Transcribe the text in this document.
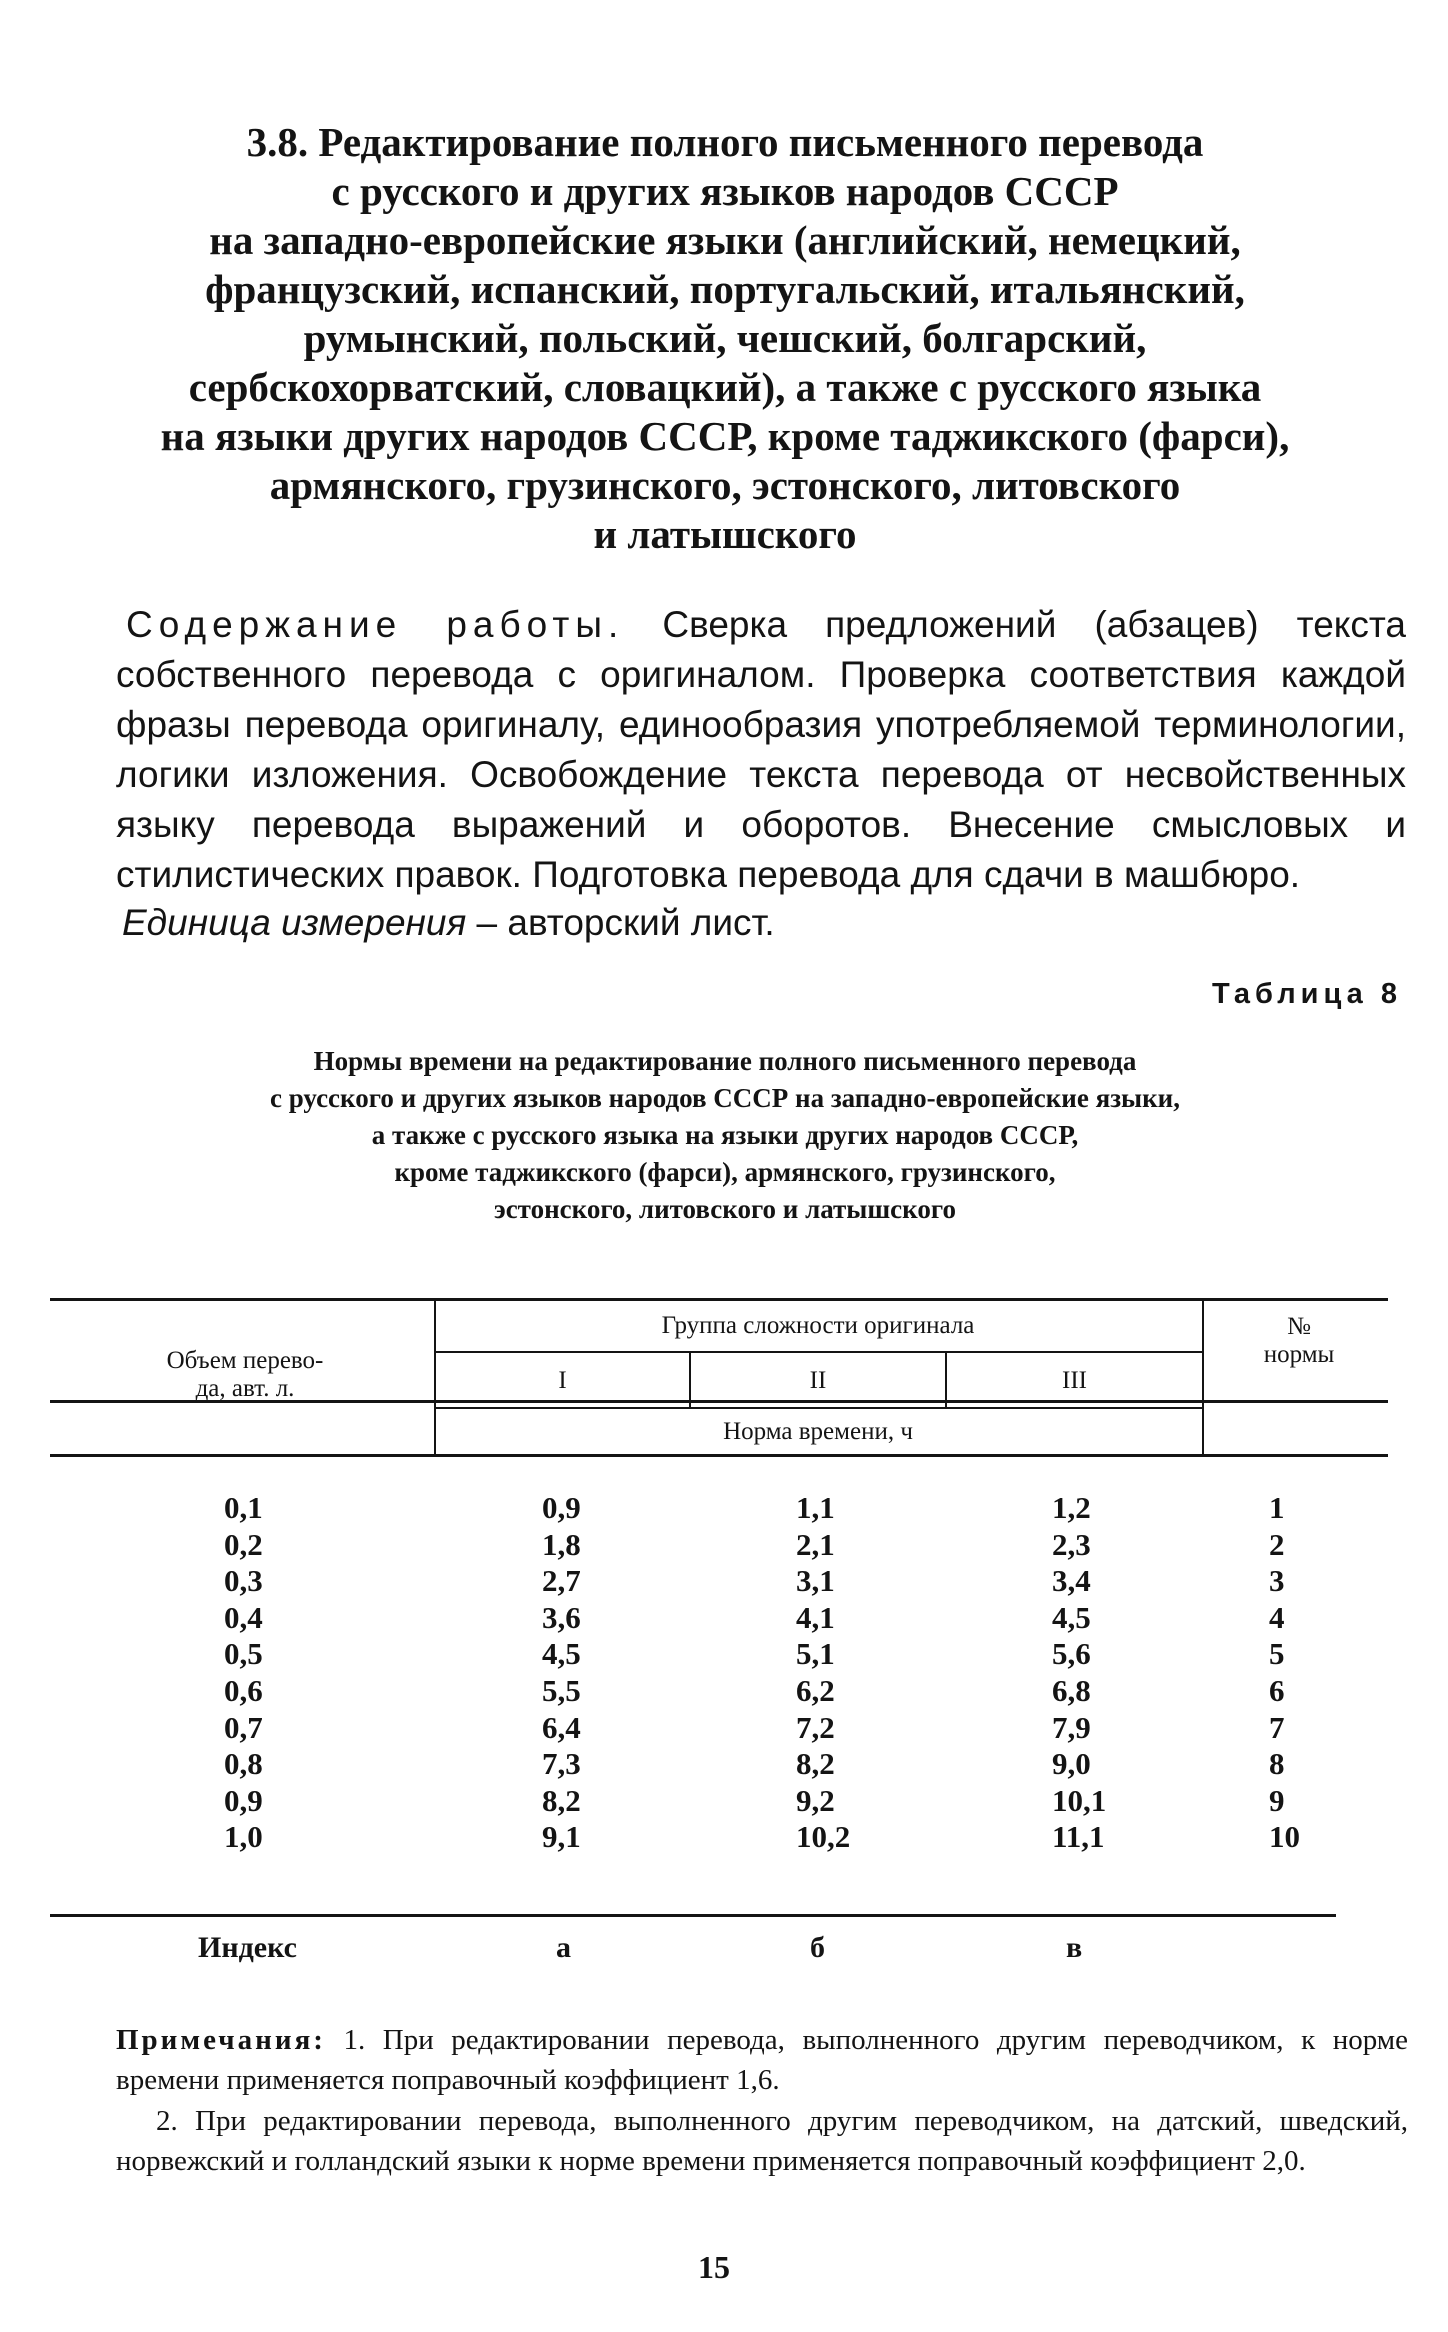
3.8. Редактирование полного письменного перевода
с русского и других языков народов СССР
на западно-европейские языки (английский, немецкий,
французский, испанский, португальский, итальянский,
румынский, польский, чешский, болгарский,
сербскохорватский, словацкий), а также с русского языка
на языки других народов СССР, кроме таджикского (фарси),
армянского, грузинского, эстонского, литовского
и латышского
Содержание работы. Сверка предложений (абзацев) текста собственного перевода с оригиналом. Проверка соответствия каждой фразы перевода оригиналу, единообразия употребляемой терминологии, логики изложения. Освобождение текста перевода от несвойственных языку перевода выражений и оборотов. Внесение смысловых и стилистических правок. Подготовка перевода для сдачи в машбюро.
Единица измерения – авторский лист.
Таблица 8
Нормы времени на редактирование полного письменного перевода
с русского и других языков народов СССР на западно-европейские языки,
а также с русского языка на языки других народов СССР,
кроме таджикского (фарси), армянского, грузинского,
эстонского, литовского и латышского
Объем перево-
да, авт. л.
Группа сложности оригинала
I	II	III
Норма времени, ч
№
нормы
0,1	0,9	1,1	1,2	1
0,2	1,8	2,1	2,3	2
0,3	2,7	3,1	3,4	3
0,4	3,6	4,1	4,5	4
0,5	4,5	5,1	5,6	5
0,6	5,5	6,2	6,8	6
0,7	6,4	7,2	7,9	7
0,8	7,3	8,2	9,0	8
0,9	8,2	9,2	10,1	9
1,0	9,1	10,2	11,1	10
Индекс	а	б	в
Примечания: 1. При редактировании перевода, выполненного другим переводчиком, к норме времени применяется поправочный коэффициент 1,6.
2. При редактировании перевода, выполненного другим переводчиком, на датский, шведский, норвежский и голландский языки к норме времени применяется поправочный коэффициент 2,0.
15
